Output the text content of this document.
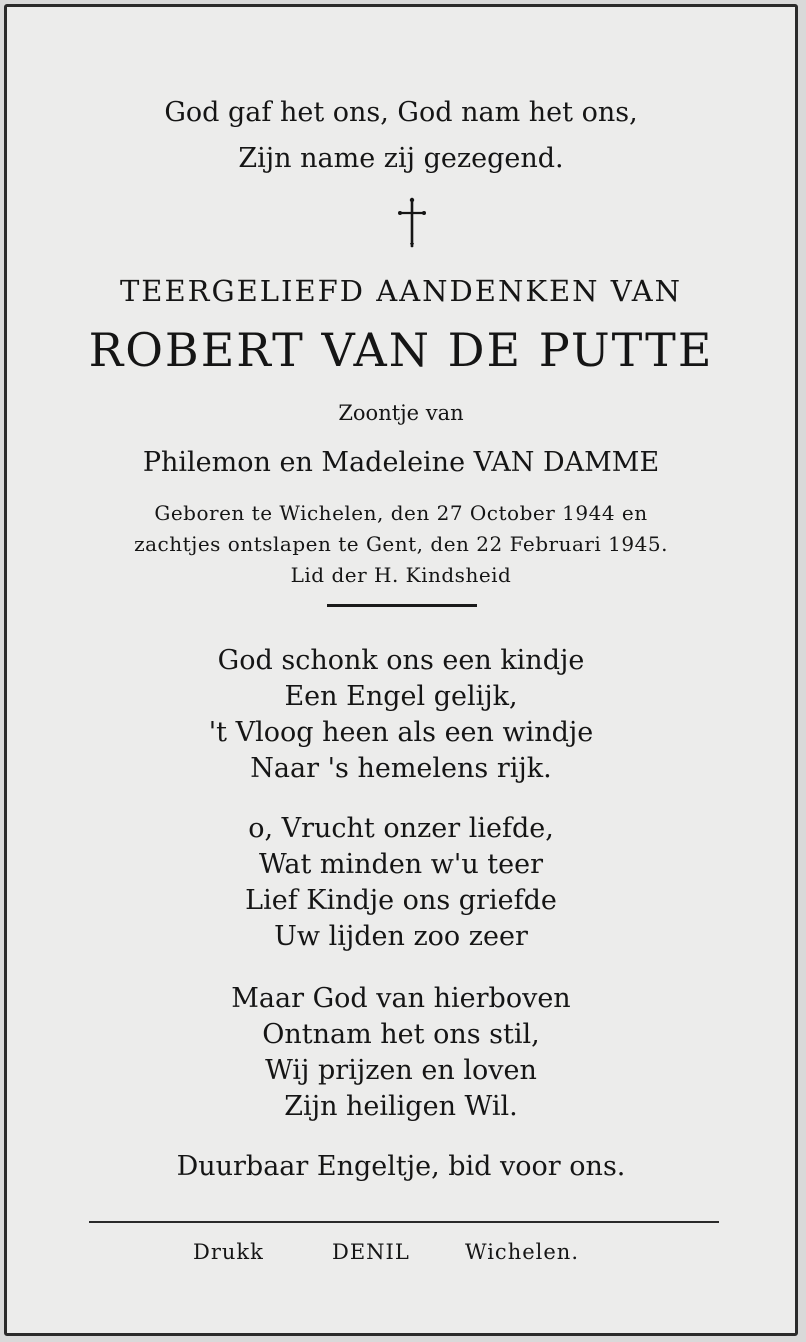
God gaf het ons, God nam het ons,
Zijn name zij gezegend.
TEERGELIEFD AANDENKEN VAN
ROBERT VAN DE PUTTE
Zoontje van
Philemon en Madeleine VAN DAMME
Geboren te Wichelen, den 27 October 1944 en
zachtjes ontslapen te Gent, den 22 Februari 1945.
Lid der H. Kindsheid
God schonk ons een kindje
Een Engel gelijk,
't Vloog heen als een windje
Naar 's hemelens rijk.
o, Vrucht onzer liefde,
Wat minden w'u teer
Lief Kindje ons griefde
Uw lijden zoo zeer
Maar God van hierboven
Ontnam het ons stil,
Wij prijzen en loven
Zijn heiligen Wil.
Duurbaar Engeltje, bid voor ons.
Drukk	DENIL	Wichelen.
